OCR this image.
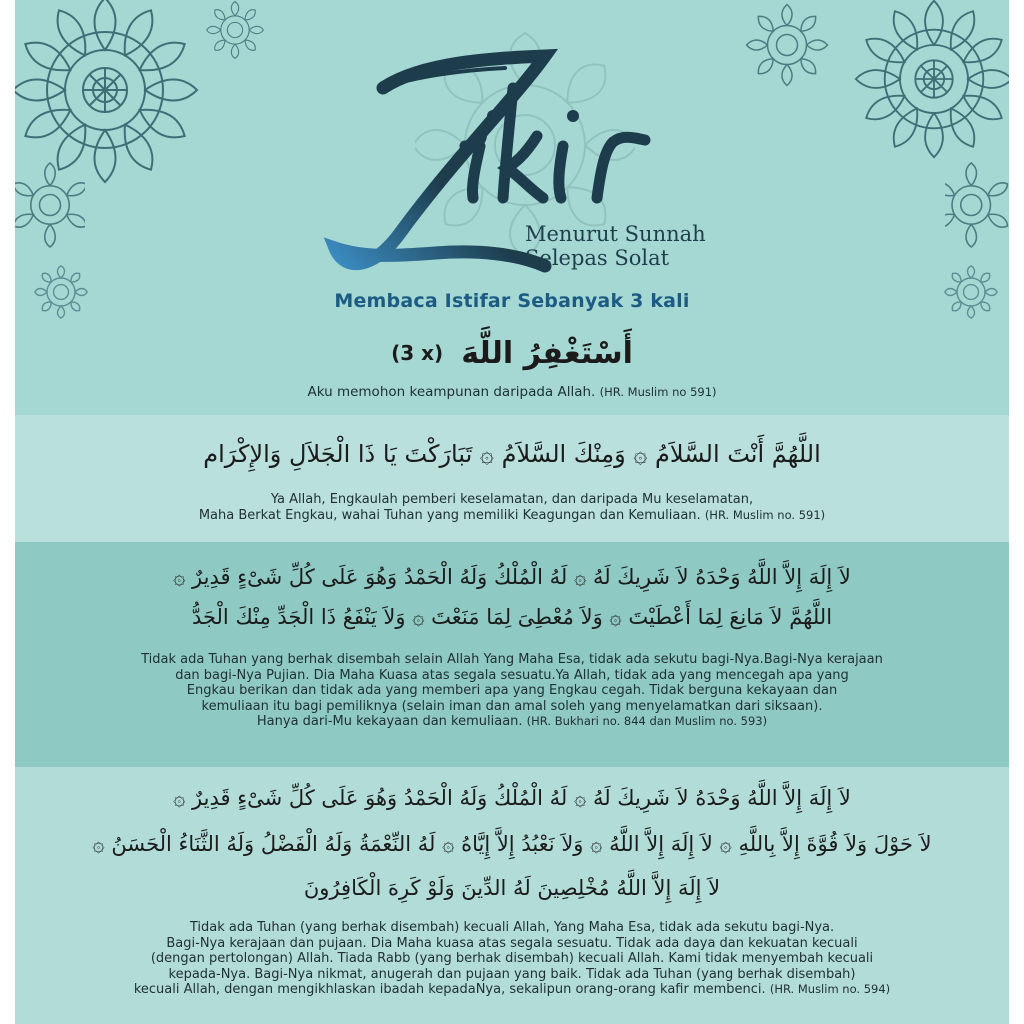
Menurut Sunnah
Selepas Solat
Membaca Istifar Sebanyak 3 kali
(3 x) أَسْتَغْفِرُ اللَّهَ
Aku memohon keampunan daripada Allah. (HR. Muslim no 591)
اللَّهُمَّ أَنْتَ السَّلاَمُ ۞ وَمِنْكَ السَّلاَمُ ۞ تَبَارَكْتَ يَا ذَا الْجَلاَلِ وَالإِكْرَام
Ya Allah, Engkaulah pemberi keselamatan, dan daripada Mu keselamatan,
Maha Berkat Engkau, wahai Tuhan yang memiliki Keagungan dan Kemuliaan. (HR. Muslim no. 591)
لاَ إِلَهَ إِلاَّ اللَّهُ وَحْدَهُ لاَ شَرِيكَ لَهُ ۞ لَهُ الْمُلْكُ وَلَهُ الْحَمْدُ وَهُوَ عَلَى كُلِّ شَىْءٍ قَدِيرٌ ۞
اللَّهُمَّ لاَ مَانِعَ لِمَا أَعْطَيْتَ ۞ وَلاَ مُعْطِىَ لِمَا مَنَعْتَ ۞ وَلاَ يَنْفَعُ ذَا الْجَدِّ مِنْكَ الْجَدُّ
Tidak ada Tuhan yang berhak disembah selain Allah Yang Maha Esa, tidak ada sekutu bagi-Nya.Bagi-Nya kerajaan
dan bagi-Nya Pujian. Dia Maha Kuasa atas segala sesuatu.Ya Allah, tidak ada yang mencegah apa yang
Engkau berikan dan tidak ada yang memberi apa yang Engkau cegah. Tidak berguna kekayaan dan
kemuliaan itu bagi pemiliknya (selain iman dan amal soleh yang menyelamatkan dari siksaan).
Hanya dari-Mu kekayaan dan kemuliaan. (HR. Bukhari no. 844 dan Muslim no. 593)
لاَ إِلَهَ إِلاَّ اللَّهُ وَحْدَهُ لاَ شَرِيكَ لَهُ ۞ لَهُ الْمُلْكُ وَلَهُ الْحَمْدُ وَهُوَ عَلَى كُلِّ شَىْءٍ قَدِيرٌ ۞
لاَ حَوْلَ وَلاَ قُوَّةَ إِلاَّ بِاللَّهِ ۞ لاَ إِلَهَ إِلاَّ اللَّهُ ۞ وَلاَ نَعْبُدُ إِلاَّ إِيَّاهُ ۞ لَهُ النِّعْمَةُ وَلَهُ الْفَضْلُ وَلَهُ الثَّنَاءُ الْحَسَنُ ۞
لاَ إِلَهَ إِلاَّ اللَّهُ مُخْلِصِينَ لَهُ الدِّينَ وَلَوْ كَرِهَ الْكَافِرُونَ
Tidak ada Tuhan (yang berhak disembah) kecuali Allah, Yang Maha Esa, tidak ada sekutu bagi-Nya.
Bagi-Nya kerajaan dan pujaan. Dia Maha kuasa atas segala sesuatu. Tidak ada daya dan kekuatan kecuali
(dengan pertolongan) Allah. Tiada Rabb (yang berhak disembah) kecuali Allah. Kami tidak menyembah kecuali
kepada-Nya. Bagi-Nya nikmat, anugerah dan pujaan yang baik. Tidak ada Tuhan (yang berhak disembah)
kecuali Allah, dengan mengikhlaskan ibadah kepadaNya, sekalipun orang-orang kafir membenci. (HR. Muslim no. 594)
